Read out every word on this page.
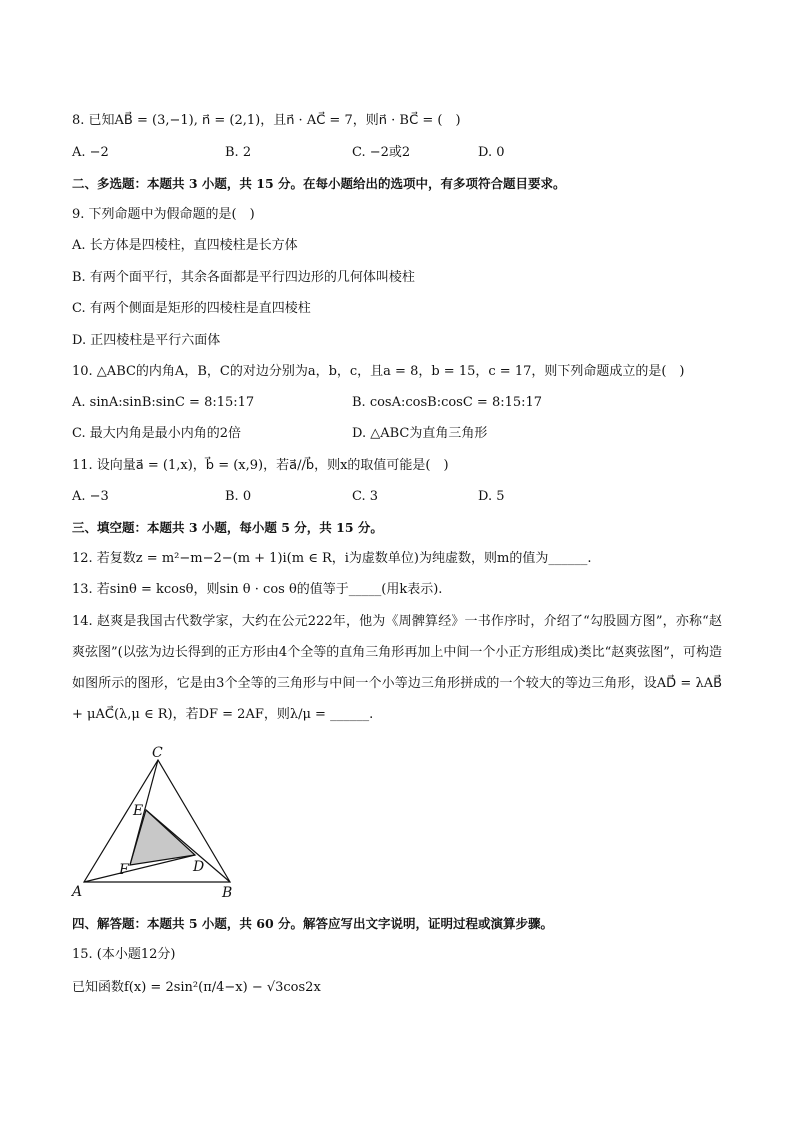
8. 已知AB⃗ = (3,−1), n⃗ = (2,1)，且n⃗ · AC⃗ = 7，则n⃗ · BC⃗ = (　)
A. −2	B. 2	C. −2或2	D. 0
二、多选题：本题共 3 小题，共 15 分。在每小题给出的选项中，有多项符合题目要求。
9. 下列命题中为假命题的是(　)
A. 长方体是四棱柱，直四棱柱是长方体
B. 有两个面平行，其余各面都是平行四边形的几何体叫棱柱
C. 有两个侧面是矩形的四棱柱是直四棱柱
D. 正四棱柱是平行六面体
10. △ABC的内角A，B，C的对边分别为a，b，c，且a = 8，b = 15，c = 17，则下列命题成立的是(　)
A. sinA:sinB:sinC = 8:15:17	B. cosA:cosB:cosC = 8:15:17
C. 最大内角是最小内角的2倍	D. △ABC为直角三角形
11. 设向量a⃗ = (1,x)，b⃗ = (x,9)，若a⃗//b⃗，则x的取值可能是(　)
A. −3	B. 0	C. 3	D. 5
三、填空题：本题共 3 小题，每小题 5 分，共 15 分。
12. 若复数z = m²−m−2−(m + 1)i(m ∈ R，i为虚数单位)为纯虚数，则m的值为______.
13. 若sinθ = kcosθ，则sin θ · cos θ的值等于_____(用k表示).
14. 赵爽是我国古代数学家，大约在公元222年，他为《周髀算经》一书作序时，介绍了“勾股圆方图”，亦称“赵爽弦图”(以弦为边长得到的正方形由4个全等的直角三角形再加上中间一个小正方形组成)类比“赵爽弦图”，可构造如图所示的图形，它是由3个全等的三角形与中间一个小等边三角形拼成的一个较大的等边三角形，设AD⃗ = λAB⃗ + μAC⃗(λ,μ ∈ R)，若DF = 2AF，则λ/μ = ______.
A	B
C
D
E
F
四、解答题：本题共 5 小题，共 60 分。解答应写出文字说明，证明过程或演算步骤。
15. (本小题12分)
已知函数f(x) = 2sin²(π/4−x) − √3cos2x
